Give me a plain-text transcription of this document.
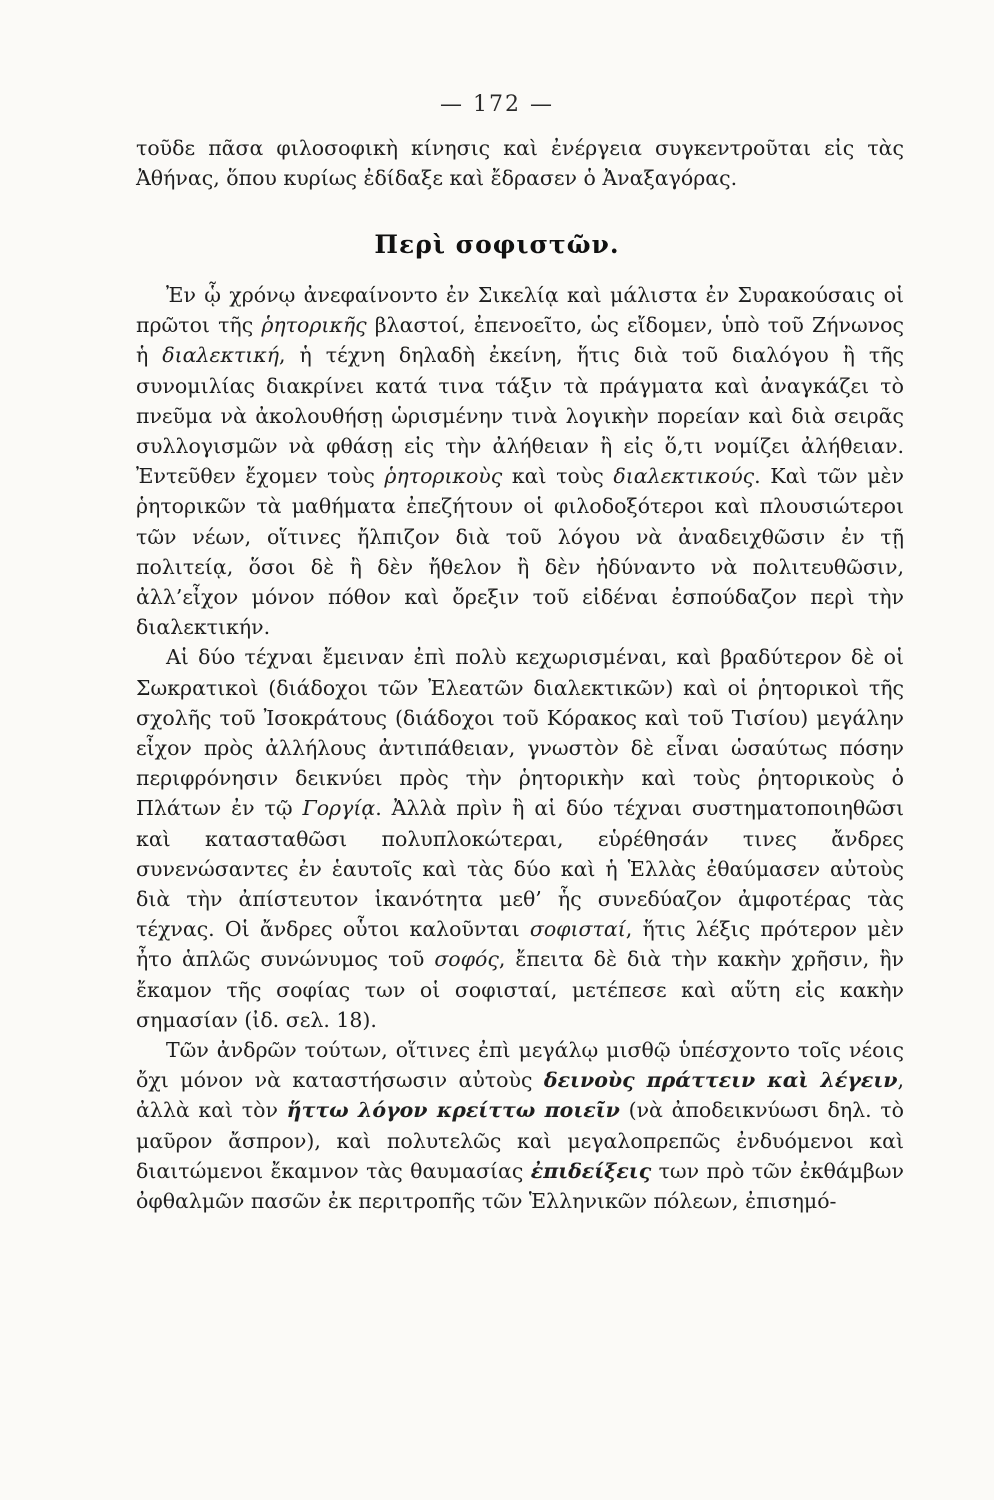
— 172 —

τοῦδε πᾶσα φιλοσοφικὴ κίνησις καὶ ἐνέργεια συγκεντροῦται εἰς τὰς Ἀθήνας, ὅπου κυρίως ἐδίδαξε καὶ ἔδρασεν ὁ Ἀναξαγόρας.

Περὶ σοφιστῶν.

Ἐν ᾧ χρόνῳ ἀνεφαίνοντο ἐν Σικελίᾳ καὶ μάλιστα ἐν Συρακούσαις οἱ πρῶτοι τῆς ῥητορικῆς βλαστοί, ἐπενοεῖτο, ὡς εἴδομεν, ὑπὸ τοῦ Ζήνωνος ἡ διαλεκτική, ἡ τέχνη δηλαδὴ ἐκείνη, ἥτις διὰ τοῦ διαλόγου ἢ τῆς συνομιλίας διακρίνει κατά τινα τάξιν τὰ πράγματα καὶ ἀναγκάζει τὸ πνεῦμα νὰ ἀκολουθήσῃ ὡρισμένην τινὰ λογικὴν πορείαν καὶ διὰ σειρᾶς συλλογισμῶν νὰ φθάσῃ εἰς τὴν ἀλήθειαν ἢ εἰς ὅ,τι νομίζει ἀλήθειαν. Ἐντεῦθεν ἔχομεν τοὺς ῥητορικοὺς καὶ τοὺς διαλεκτικούς. Καὶ τῶν μὲν ῥητορικῶν τὰ μαθήματα ἐπεζήτουν οἱ φιλοδοξότεροι καὶ πλουσιώτεροι τῶν νέων, οἵτινες ἤλπιζον διὰ τοῦ λόγου νὰ ἀναδειχθῶσιν ἐν τῇ πολιτείᾳ, ὅσοι δὲ ἢ δὲν ἤθελον ἢ δὲν ἠδύναντο νὰ πολιτευθῶσιν, ἀλλ’εἶχον μόνον πόθον καὶ ὄρεξιν τοῦ εἰδέναι ἐσπούδαζον περὶ τὴν διαλεκτικήν.

Αἱ δύο τέχναι ἔμειναν ἐπὶ πολὺ κεχωρισμέναι, καὶ βραδύτερον δὲ οἱ Σωκρατικοὶ (διάδοχοι τῶν Ἐλεατῶν διαλεκτικῶν) καὶ οἱ ῥητορικοὶ τῆς σχολῆς τοῦ Ἰσοκράτους (διάδοχοι τοῦ Κόρακος καὶ τοῦ Τισίου) μεγάλην εἶχον πρὸς ἀλλήλους ἀντιπάθειαν, γνωστὸν δὲ εἶναι ὡσαύτως πόσην περιφρόνησιν δεικνύει πρὸς τὴν ῥητορικὴν καὶ τοὺς ῥητορικοὺς ὁ Πλάτων ἐν τῷ Γοργίᾳ. Ἀλλὰ πρὶν ἢ αἱ δύο τέχναι συστηματοποιηθῶσι καὶ κατασταθῶσι πολυπλοκώτεραι, εὑρέθησάν τινες ἄνδρες συνενώσαντες ἐν ἑαυτοῖς καὶ τὰς δύο καὶ ἡ Ἑλλὰς ἐθαύμασεν αὐτοὺς διὰ τὴν ἀπίστευτον ἱκανότητα μεθ’ ἧς συνεδύαζον ἀμφοτέρας τὰς τέχνας. Οἱ ἄνδρες οὗτοι καλοῦνται σοφισταί, ἥτις λέξις πρότερον μὲν ἦτο ἁπλῶς συνώνυμος τοῦ σοφός, ἔπειτα δὲ διὰ τὴν κακὴν χρῆσιν, ἣν ἔκαμον τῆς σοφίας των οἱ σοφισταί, μετέπεσε καὶ αὕτη εἰς κακὴν σημασίαν (ἰδ. σελ. 18).

Τῶν ἀνδρῶν τούτων, οἵτινες ἐπὶ μεγάλῳ μισθῷ ὑπέσχοντο τοῖς νέοις ὄχι μόνον νὰ καταστήσωσιν αὐτοὺς δεινοὺς πράττειν καὶ λέγειν, ἀλλὰ καὶ τὸν ἥττω λόγον κρείττω ποιεῖν (νὰ ἀποδεικνύωσι δηλ. τὸ μαῦρον ἄσπρον), καὶ πολυτελῶς καὶ μεγαλοπρεπῶς ἐνδυόμενοι καὶ διαιτώμενοι ἔκαμνον τὰς θαυμασίας ἐπιδείξεις των πρὸ τῶν ἐκθάμβων ὀφθαλμῶν πασῶν ἐκ περιτροπῆς τῶν Ἑλληνικῶν πόλεων, ἐπισημό-
